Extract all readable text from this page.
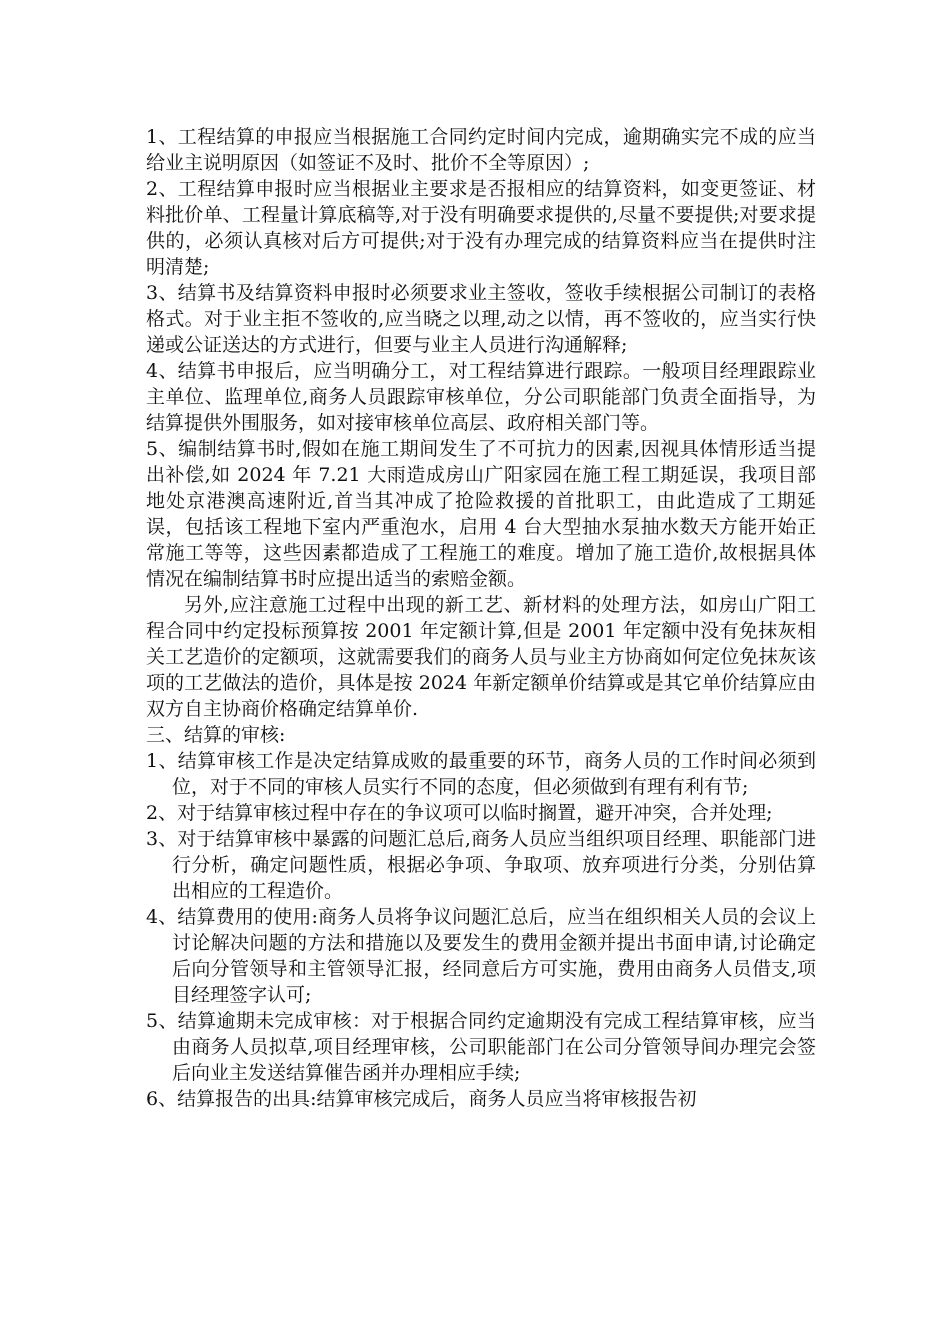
1、工程结算的申报应当根据施工合同约定时间内完成，逾期确实完不成的应当给业主说明原因（如签证不及时、批价不全等原因）;

2、工程结算申报时应当根据业主要求是否报相应的结算资料，如变更签证、材料批价单、工程量计算底稿等,对于没有明确要求提供的,尽量不要提供;对要求提供的，必须认真核对后方可提供;对于没有办理完成的结算资料应当在提供时注明清楚;

3、结算书及结算资料申报时必须要求业主签收，签收手续根据公司制订的表格格式。对于业主拒不签收的,应当晓之以理,动之以情，再不签收的，应当实行快递或公证送达的方式进行，但要与业主人员进行沟通解释;

4、结算书申报后，应当明确分工，对工程结算进行跟踪。一般项目经理跟踪业主单位、监理单位,商务人员跟踪审核单位，分公司职能部门负责全面指导，为结算提供外围服务，如对接审核单位高层、政府相关部门等。

5、编制结算书时,假如在施工期间发生了不可抗力的因素,因视具体情形适当提出补偿,如 2024 年 7.21 大雨造成房山广阳家园在施工程工期延误，我项目部地处京港澳高速附近,首当其冲成了抢险救援的首批职工，由此造成了工期延误，包括该工程地下室内严重泡水，启用 4 台大型抽水泵抽水数天方能开始正常施工等等，这些因素都造成了工程施工的难度。增加了施工造价,故根据具体情况在编制结算书时应提出适当的索赔金额。

另外,应注意施工过程中出现的新工艺、新材料的处理方法，如房山广阳工程合同中约定投标预算按 2001 年定额计算,但是 2001 年定额中没有免抹灰相关工艺造价的定额项，这就需要我们的商务人员与业主方协商如何定位免抹灰该项的工艺做法的造价，具体是按 2024 年新定额单价结算或是其它单价结算应由双方自主协商价格确定结算单价.

三、结算的审核:

1、结算审核工作是决定结算成败的最重要的环节，商务人员的工作时间必须到位，对于不同的审核人员实行不同的态度，但必须做到有理有利有节;

2、对于结算审核过程中存在的争议项可以临时搁置，避开冲突，合并处理;

3、对于结算审核中暴露的问题汇总后,商务人员应当组织项目经理、职能部门进行分析，确定问题性质，根据必争项、争取项、放弃项进行分类，分别估算出相应的工程造价。

4、结算费用的使用:商务人员将争议问题汇总后，应当在组织相关人员的会议上讨论解决问题的方法和措施以及要发生的费用金额并提出书面申请,讨论确定后向分管领导和主管领导汇报，经同意后方可实施，费用由商务人员借支,项目经理签字认可;

5、结算逾期未完成审核：对于根据合同约定逾期没有完成工程结算审核，应当由商务人员拟草,项目经理审核，公司职能部门在公司分管领导间办理完会签后向业主发送结算催告函并办理相应手续;

6、结算报告的出具:结算审核完成后，商务人员应当将审核报告初
